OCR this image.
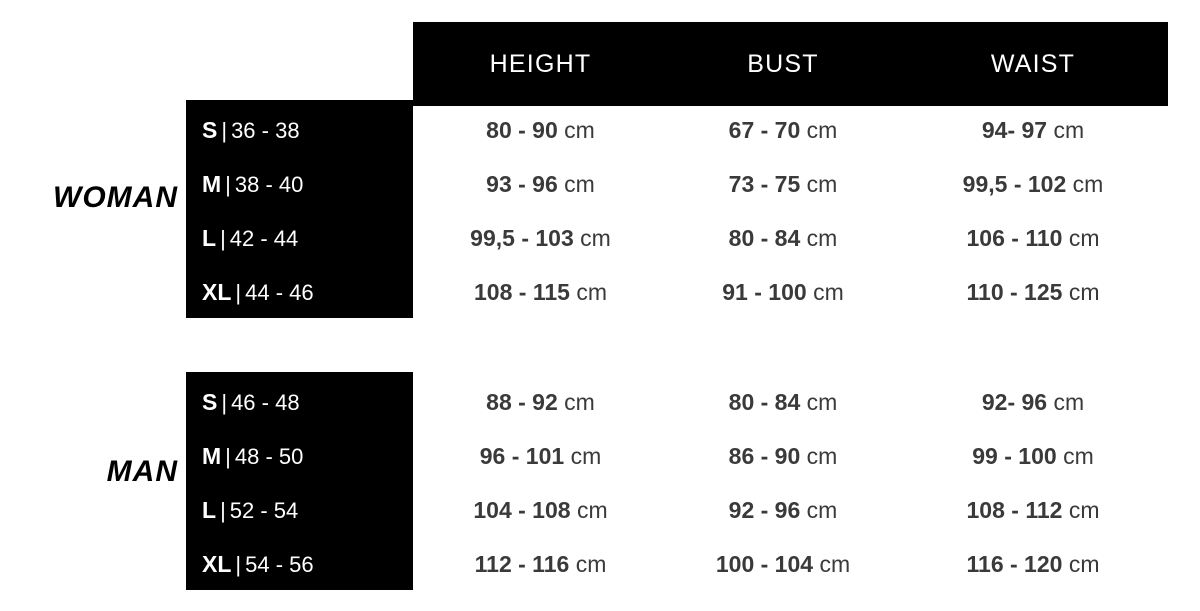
HEIGHT	BUST	WAIST
WOMAN
MAN
S | 36 - 38	80 - 90 cm	67 - 70 cm	94- 97 cm
M | 38 - 40	93 - 96 cm	73 - 75 cm	99,5 - 102 cm
L | 42 - 44	99,5 - 103 cm	80 - 84 cm	106 - 110 cm
XL | 44 - 46	108 - 115 cm	91 - 100 cm	110 - 125 cm
S | 46 - 48	88 - 92 cm	80 - 84 cm	92- 96 cm
M | 48 - 50	96 - 101 cm	86 - 90 cm	99 - 100 cm
L | 52 - 54	104 - 108 cm	92 - 96 cm	108 - 112 cm
XL | 54 - 56	112 - 116 cm	100 - 104 cm	116 - 120 cm
